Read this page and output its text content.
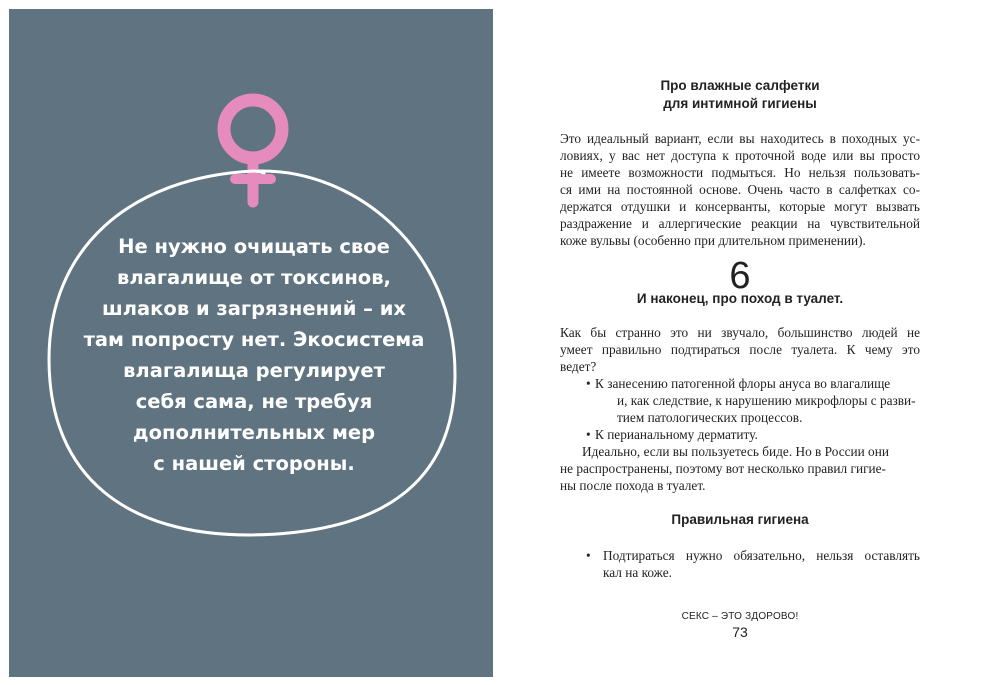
Не нужно очищать свое
влагалище от токсинов,
шлаков и загрязнений – их
там попросту нет. Экосистема
влагалища регулирует
себя сама, не требуя
дополнительных мер
с нашей стороны.
Про влажные салфетки
для интимной гигиены

Это идеальный вариант, если вы находитесь в походных ус-
ловиях, у вас нет доступа к проточной воде или вы просто
не имеете возможности подмыться. Но нельзя пользовать-
ся ими на постоянной основе. Очень часто в салфетках со-
держатся отдушки и консерванты, которые могут вызвать
раздражение и аллергические реакции на чувствительной
коже вульвы (особенно при длительном применении).

6
И наконец, про поход в туалет.

Как бы странно это ни звучало, большинство людей не
умеет правильно подтираться после туалета. К чему это
ведет?

• К занесению патогенной флоры ануса во влагалище
и, как следствие, к нарушению микрофлоры с разви-
тием патологических процессов.
• К перианальному дерматиту.

Идеально, если вы пользуетесь биде. Но в России они
не распространены, поэтому вот несколько правил гигие-
ны после похода в туалет.

Правильная гигиена
• Подтираться нужно обязательно, нельзя оставлять
кал на коже.
СЕКС – ЭТО ЗДОРОВО!
73
